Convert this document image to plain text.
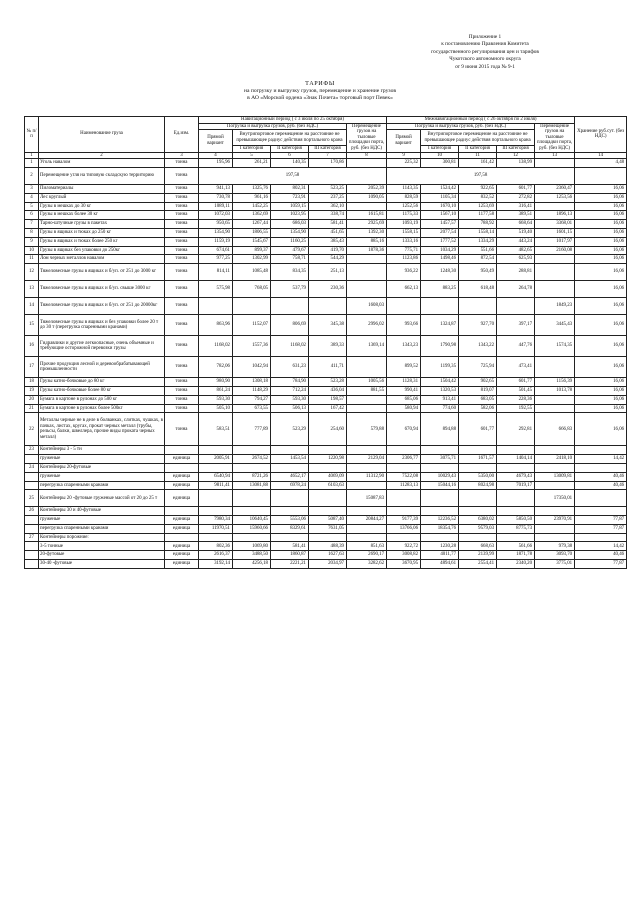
Приложение 1
к постановлению Правления Комитета
государственного регулирования цен и тарифов
Чукотского автономного округа
от 9 июня 2015 года № 9-1
ТАРИФЫ
на погрузку и выгрузку грузов, перемещение и хранение грузов
в АО «Морской ордена «Знак Почета» торговый порт Певек»
№ п/п	Наименование груза	Ед.изм.	Навигационный период ( с 3 июля по 25 октября)					Межнавигационный период ( с 26 октября по 2 июля)					Хранение руб.сут. (без НДС)
			Погрузка и выгрузка грузов, руб. (без НДС)				Перемещение грузов на тыловые площадки порта, руб. (без НДС)	Погрузка и выгрузка грузов, руб. (без НДС)				Перемещение грузов на тыловые площадки порта, руб. (без НДС)	
			Прямой вариант	Внутрипортовое перемещение на расстояние не превышающее радиус действия портального крана				Прямой вариант	Внутрипортовое перемещение на расстояние не превышающее радиус действия портального крана				
				I категория	II категория	III категория			I категория	II категория	III категория		
1	2	3	4	5	6	7	8	9	10	11	12	13	14
1	Уголь навалом	тонна	195,96	261,21	140,35	170,86		225,32	300,81	161,42	138,99		4,48
2	Перемещение угля на типовую складскую территорию	тонна	197,58					197,58					
3	Пиломатериалы	тонна	941,13	1325,76	802,31	523,25	2052,39	1143,35	1524,42	922,65	601,77	2360,47	16,06
4	Лес круглый	тонна	730,78	961,16	723,91	237,25	1090,05	828,59	1105,34	832,52	272,82	1253,56	16,06
5	Грузы в мешках до 30 кг	тонна	1089,11	1452,25	1059,15	362,10		1252,56	1670,10	1253,69	316,41		16,06
6	Грузы в мешках более 30 кг	тонна	1072,03	1362,69	1023,95	338,74	1615,81	1175,33	1567,10	1177,58	389,51	1896,13	16,06
7	Тарно-штучные грузы в пакетах	тонна	950,65	1267,44	686,03	581,41	2925,69	1093,19	1457,57	788,92	668,64	3368,01	16,06
8	Грузы в ящиках и тюках до 250 кг	тонна	1354,90	1806,55	1354,90	451,65	1392,30	1558,15	2077,54	1558,14	519,40	1601,15	16,06
9	Грузы в ящиках и тюках более 250 кг	тонна	1159,19	1545,67	1160,25	385,43	885,16	1333,16	1777,52	1334,29	443,24	1017,97	16,06
10	Грузы в ящиках без упаковки до 250кг	тонна	674,61	899,37	479,67	419,70	1878,36	775,71	1034,29	551,66	482,65	2160,08	16,06
11	Лом черных металлов навалом	тонна	977,25	1302,99	758,71	544,29		1123,86	1498,46	872,54	625,93		16,06
12	Тяжеловесные грузы в ящиках и б/уп. от 251 до 3000 кг	тонна	814,11	1085,48	834,35	251,13		936,22	1248,30	950,49	288,81		16,06
13	Тяжеловесные грузы в ящиках и б/уп. свыше 3000 кг	тонна	575,98	768,05	537,79	230,36		662,13	883,25	618,48	264,78		16,06
14	Тяжеловесные грузы в ящиках и б/уп. от 251 до 20000кг	тонна					1608,03					1849,23	16,06
15	Тяжеловесные грузы в ящиках и без упаковки более 20 т до 30 т (перегрузка спаренными кранами)	тонна	863,96	1152,07	806,69	345,38	2996,02	993,66	1324,87	927,70	397,17	3445,43	16,06
16	Гидравлики и другие легкоопасные, очень объемные и требующие осторожной перевозки грузы	тонна	1168,02	1557,36	1168,02	389,33	1369,14	1343,23	1790,98	1343,22	447,76	1574,35	16,06
17	Прочие продукция лесной и деревообрабатывающей промышленности	тонна	782,06	1042,94	631,23	411,71		899,52	1199,35	725,94	473,41		16,06
18	Грузы катно-бочковые до 80 кг	тонна	980,90	1308,18	784,90	523,28	1005,56	1128,31	1504,42	902,65	601,77	1156,39	16,06
19	Грузы катно-бочковые более 80 кг	тонна	861,24	1148,29	712,24	436,04	881,55	990,41	1320,53	819,07	501,45	1013,78	16,06
20	Бумага в картоне в рулонах до 500 кг	тонна	593,30	794,27	593,30	198,57		685,06	913,41	683,05	228,36		16,06
21	Бумага в картоне в рулонах более 500кг	тонна	505,10	673,55	506,13	167,42		580,94	774,60	582,06	192,55		16,06
22	Металлы черные не в деле в болванках, слитках, чушках, в пачках, листах, кругах, прокат черных металл (трубы, рельсы, балки, швеллера, прочие виды проката черных металл)	тонна	583,51	777,89	523,29	254,60	579,88	670,94	894,88	601,77	292,81	666,83	16,06
23	Контейнеры 3 - 5 тн												
	груженые	единица	2005,91	2674,52	1453,54	1220,98	2129,04	2306,77	3075,71	1671,57	1404,14	2418,10	14,42
24	Контейнеры 20-футовые												
	груженые	единица	6540,94	8721,26	4652,17	4069,09	11312,90	7522,08	10029,43	5350,00	4679,43	13009,81	40,46
	перегрузка спаренными кранами	единица	9811,41	13081,88	6978,24	6103,63		11283,13	15044,16	8024,98	7019,17		40,46
25	Контейнеры 20 -футовые груженые массой от 20 до 25 т	единица					15087,83					17350,01	
26	Контейнеры 30 и 40-футовые												
	груженые	единица	7980,34	10640,45	5553,06	5087,40	20844,27	9177,39	12236,52	6380,02	5850,50	23970,91	77,87
	перегрузка спаренными кранами	единица	11970,51	15960,66	8329,61	7631,05		13766,06	18354,76	9579,03	8775,73		77,87
27	Контейнеры порожние:												
	3-5 тонные	единица	802,36	1069,80	581,41	488,39	851,63	922,72	1230,28	668,63	561,66	979,38	14,42
	20-футовые	единица	2616,37	3488,50	1860,87	1627,63	2690,17	3008,82	4011,77	2139,99	1871,78	3093,70	40,46
	30-40 -футовые	единица	3192,14	4256,18	2221,21	2034,97	3282,62	3670,95	4894,61	2554,41	2340,20	3775,01	77,87
